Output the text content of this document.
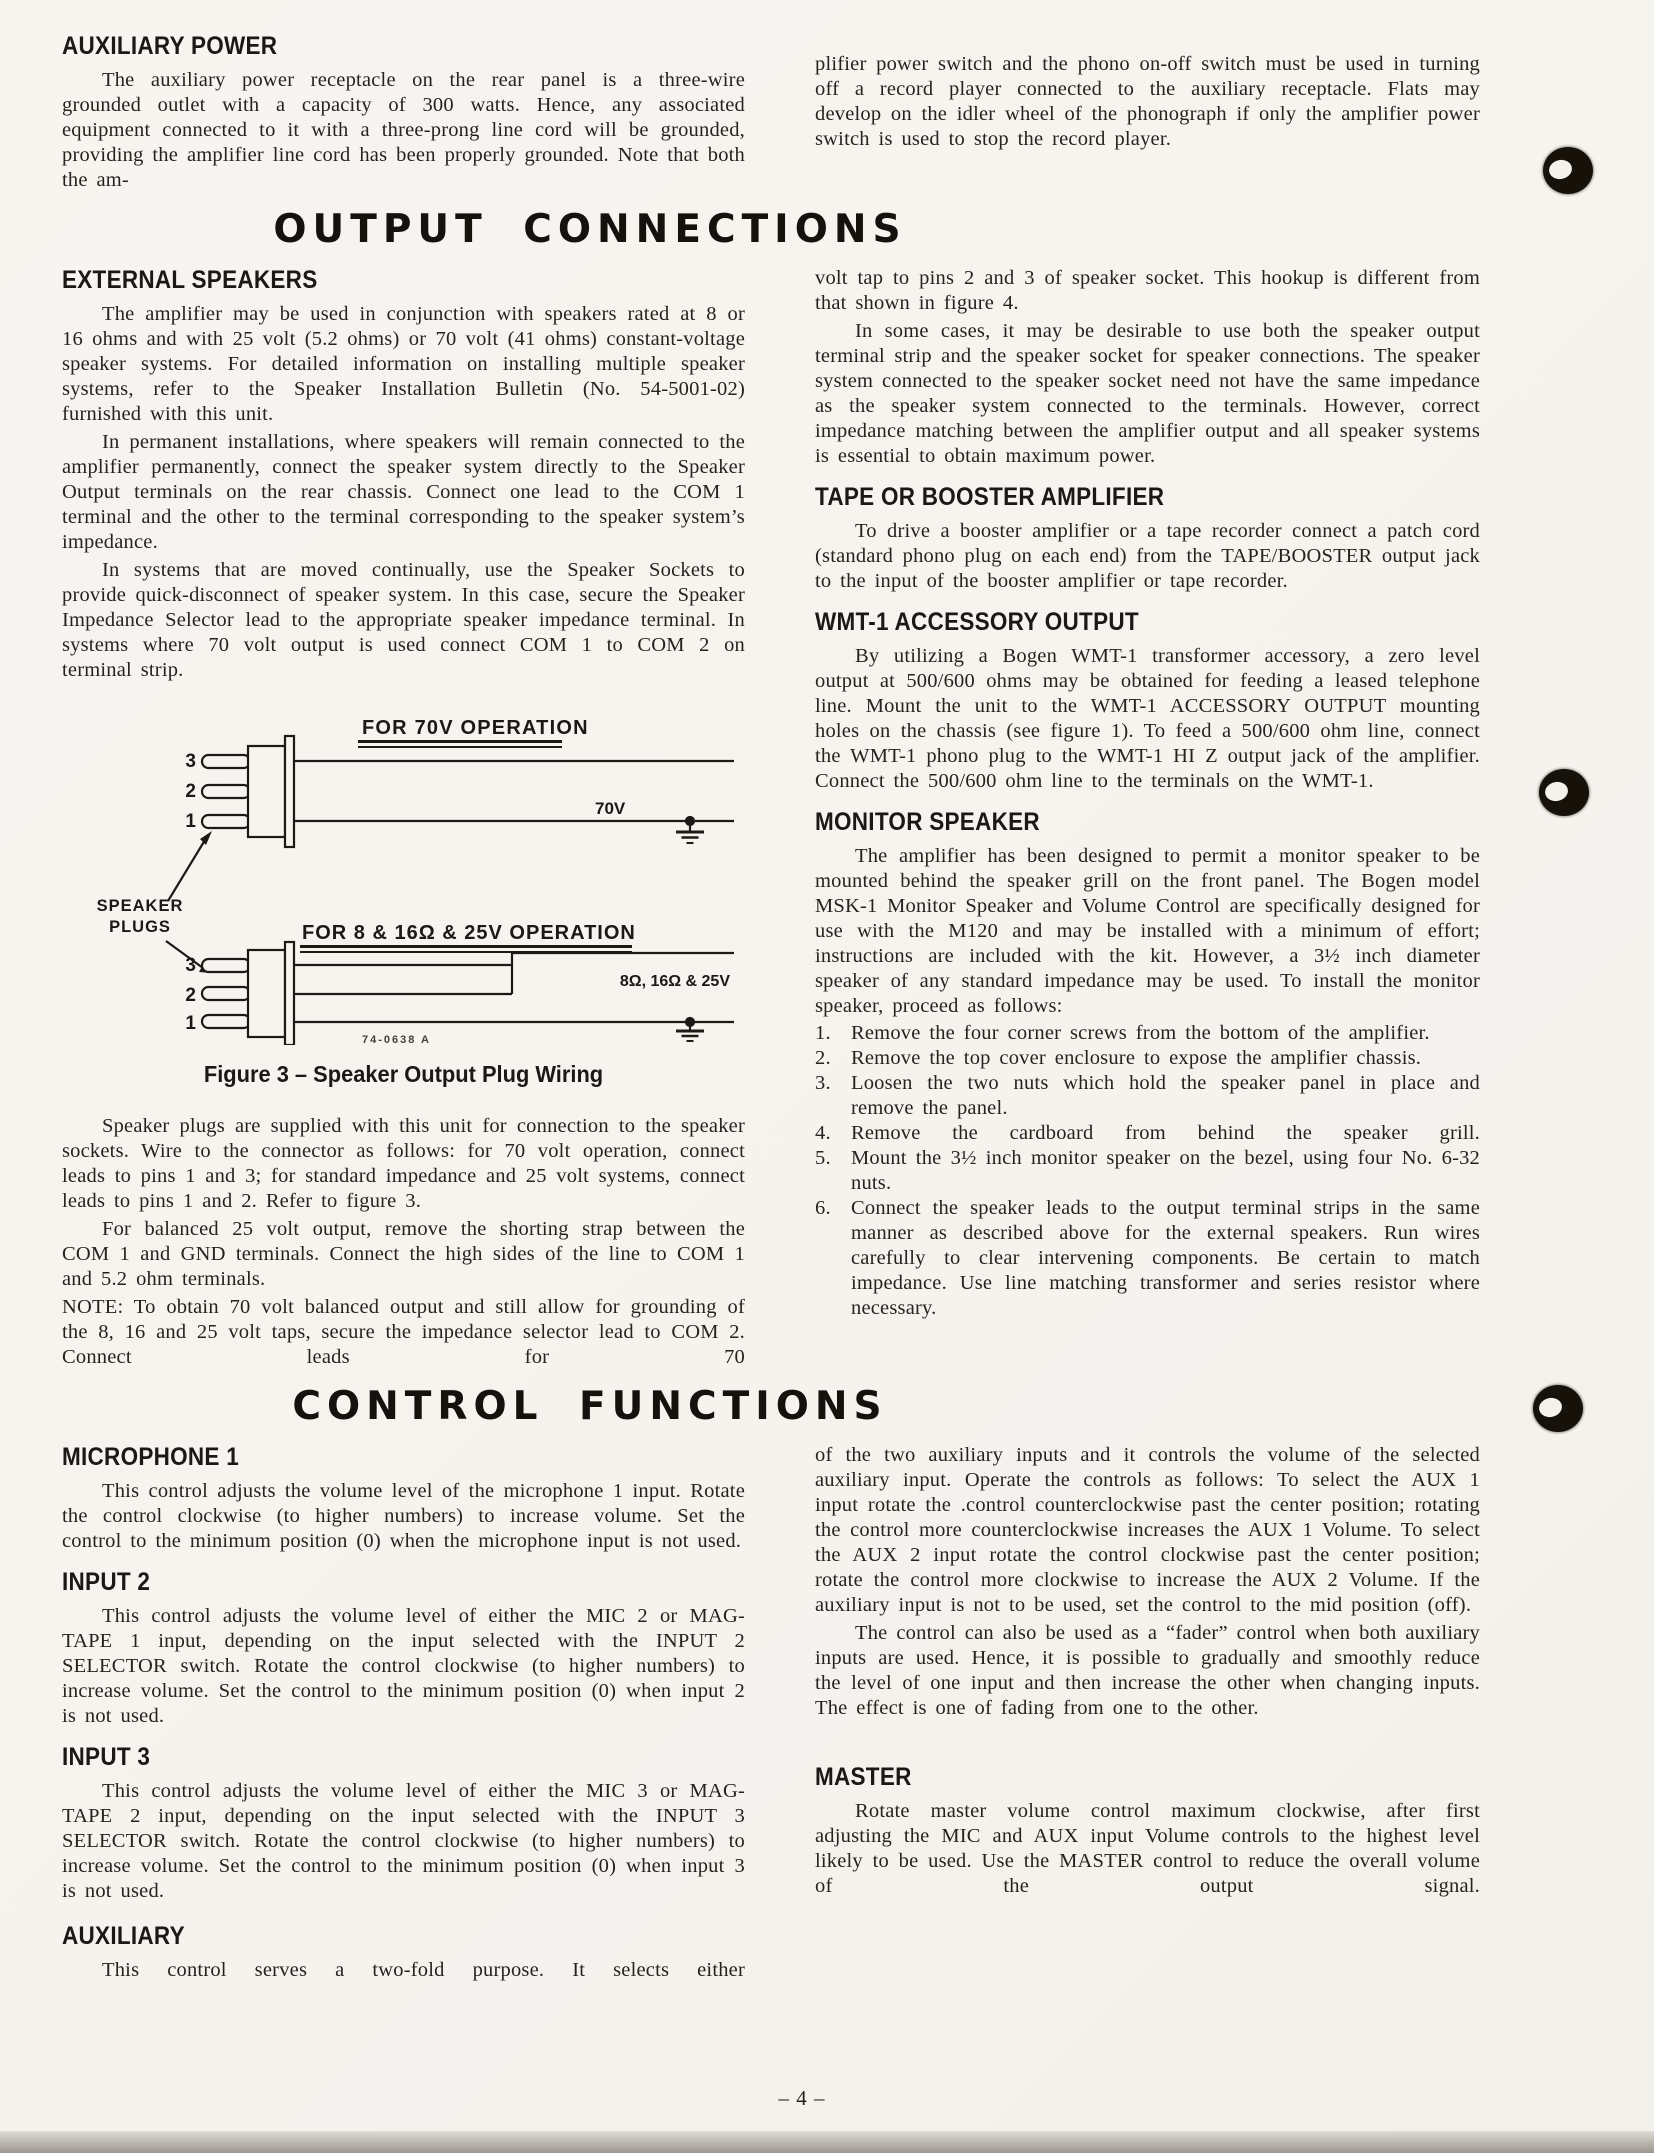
AUXILIARY POWER

The auxiliary power receptacle on the rear panel is a three-wire grounded outlet with a capacity of 300 watts. Hence, any associated equipment connected to it with a three-prong line cord will be grounded, providing the amplifier line cord has been properly grounded. Note that both the am-

plifier power switch and the phono on-off switch must be used in turning off a record player connected to the auxiliary receptacle. Flats may develop on the idler wheel of the phonograph if only the amplifier power switch is used to stop the record player.

OUTPUT CONNECTIONS
EXTERNAL SPEAKERS

The amplifier may be used in conjunction with speakers rated at 8 or 16 ohms and with 25 volt (5.2 ohms) or 70 volt (41 ohms) constant-voltage speaker systems. For detailed information on installing multiple speaker systems, refer to the Speaker Installation Bulletin (No. 54-5001-02) furnished with this unit.

In permanent installations, where speakers will remain connected to the amplifier permanently, connect the speaker system directly to the Speaker Output terminals on the rear chassis. Connect one lead to the COM 1 terminal and the other to the terminal corresponding to the speaker system’s impedance.

In systems that are moved continually, use the Speaker Sockets to provide quick-disconnect of speaker system. In this case, secure the Speaker Impedance Selector lead to the appropriate speaker impedance terminal. In systems where 70 volt output is used connect COM 1 to COM 2 on terminal strip.

FOR 70V OPERATION
FOR 8 & 16Ω & 25V OPERATION
SPEAKER
PLUGS
3
2
1
3
2
1
70V
8Ω, 16Ω & 25V
74-0638 A
Figure 3 – Speaker Output Plug Wiring

Speaker plugs are supplied with this unit for connection to the speaker sockets. Wire to the connector as follows: for 70 volt operation, connect leads to pins 1 and 3; for standard impedance and 25 volt systems, connect leads to pins 1 and 2. Refer to figure 3.

For balanced 25 volt output, remove the shorting strap between the COM 1 and GND terminals. Connect the high sides of the line to COM 1 and 5.2 ohm terminals.

NOTE: To obtain 70 volt balanced output and still allow for grounding of the 8, 16 and 25 volt taps, secure the impedance selector lead to COM 2. Connect leads for 70

volt tap to pins 2 and 3 of speaker socket. This hookup is different from that shown in figure 4.

In some cases, it may be desirable to use both the speaker output terminal strip and the speaker socket for speaker connections. The speaker system connected to the speaker socket need not have the same impedance as the speaker system connected to the terminals. However, correct impedance matching between the amplifier output and all speaker systems is essential to obtain maximum power.

TAPE OR BOOSTER AMPLIFIER

To drive a booster amplifier or a tape recorder connect a patch cord (standard phono plug on each end) from the TAPE/BOOSTER output jack to the input of the booster amplifier or tape recorder.

WMT-1 ACCESSORY OUTPUT

By utilizing a Bogen WMT-1 transformer accessory, a zero level output at 500/600 ohms may be obtained for feeding a leased telephone line. Mount the unit to the WMT-1 ACCESSORY OUTPUT mounting holes on the chassis (see figure 1). To feed a 500/600 ohm line, connect the WMT-1 phono plug to the WMT-1 HI Z output jack of the amplifier. Connect the 500/600 ohm line to the terminals on the WMT-1.

MONITOR SPEAKER

The amplifier has been designed to permit a monitor speaker to be mounted behind the speaker grill on the front panel. The Bogen model MSK-1 Monitor Speaker and Volume Control are specifically designed for use with the M120 and may be installed with a minimum of effort; instructions are included with the kit. However, a 3½ inch diameter speaker of any standard impedance may be used. To install the monitor speaker, proceed as follows:

1. Remove the four corner screws from the bottom of the amplifier.
2. Remove the top cover enclosure to expose the amplifier chassis.
3. Loosen the two nuts which hold the speaker panel in place and remove the panel.
4. Remove the cardboard from behind the speaker grill.
5. Mount the 3½ inch monitor speaker on the bezel, using four No. 6-32 nuts.
6. Connect the speaker leads to the output terminal strips in the same manner as described above for the external speakers. Run wires carefully to clear intervening components. Be certain to match impedance. Use line matching transformer and series resistor where necessary.
CONTROL FUNCTIONS
MICROPHONE 1

This control adjusts the volume level of the microphone 1 input. Rotate the control clockwise (to higher numbers) to increase volume. Set the control to the minimum position (0) when the microphone input is not used.

INPUT 2

This control adjusts the volume level of either the MIC 2 or MAG-TAPE 1 input, depending on the input selected with the INPUT 2 SELECTOR switch. Rotate the control clockwise (to higher numbers) to increase volume. Set the control to the minimum position (0) when input 2 is not used.

INPUT 3

This control adjusts the volume level of either the MIC 3 or MAG-TAPE 2 input, depending on the input selected with the INPUT 3 SELECTOR switch. Rotate the control clockwise (to higher numbers) to increase volume. Set the control to the minimum position (0) when input 3 is not used.

AUXILIARY

This control serves a two-fold purpose. It selects either

of the two auxiliary inputs and it controls the volume of the selected auxiliary input. Operate the controls as follows: To select the AUX 1 input rotate the .control counterclockwise past the center position; rotating the control more counterclockwise increases the AUX 1 Volume. To select the AUX 2 input rotate the control clockwise past the center position; rotate the control more clockwise to increase the AUX 2 Volume. If the auxiliary input is not to be used, set the control to the mid position (off).

The control can also be used as a “fader” control when both auxiliary inputs are used. Hence, it is possible to gradually and smoothly reduce the level of one input and then increase the other when changing inputs. The effect is one of fading from one to the other.

MASTER

Rotate master volume control maximum clockwise, after first adjusting the MIC and AUX input Volume controls to the highest level likely to be used. Use the MASTER control to reduce the overall volume of the output signal.

– 4 –
